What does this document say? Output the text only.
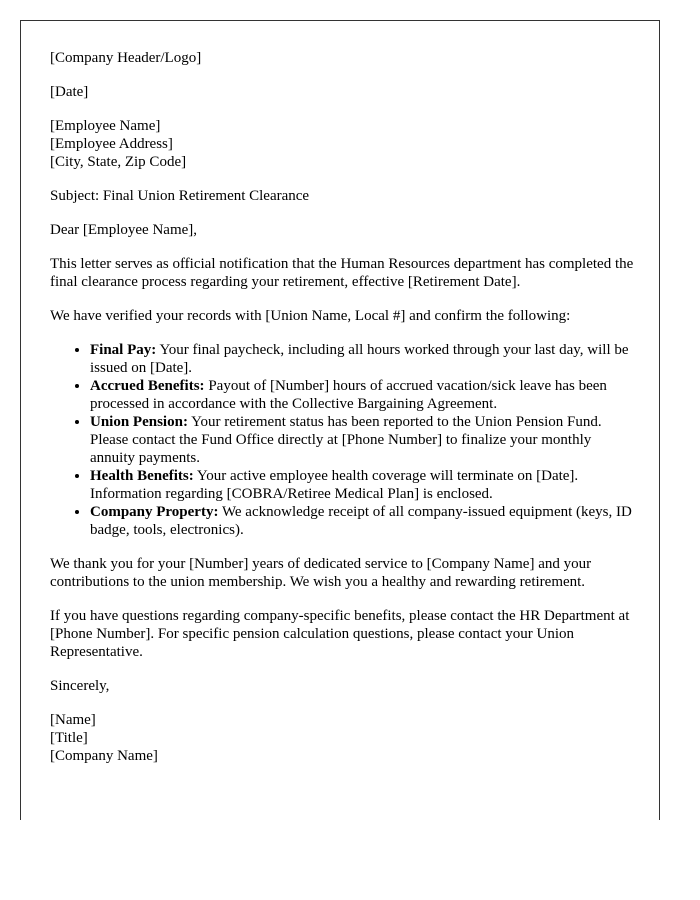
[Company Header/Logo]

[Date]

[Employee Name]
[Employee Address]
[City, State, Zip Code]

Subject: Final Union Retirement Clearance

Dear [Employee Name],

This letter serves as official notification that the Human Resources department has completed the final clearance process regarding your retirement, effective [Retirement Date].

We have verified your records with [Union Name, Local #] and confirm the following:

• Final Pay: Your final paycheck, including all hours worked through your last day, will be issued on [Date].
• Accrued Benefits: Payout of [Number] hours of accrued vacation/sick leave has been processed in accordance with the Collective Bargaining Agreement.
• Union Pension: Your retirement status has been reported to the Union Pension Fund. Please contact the Fund Office directly at [Phone Number] to finalize your monthly annuity payments.
• Health Benefits: Your active employee health coverage will terminate on [Date]. Information regarding [COBRA/Retiree Medical Plan] is enclosed.
• Company Property: We acknowledge receipt of all company-issued equipment (keys, ID badge, tools, electronics).

We thank you for your [Number] years of dedicated service to [Company Name] and your contributions to the union membership. We wish you a healthy and rewarding retirement.

If you have questions regarding company-specific benefits, please contact the HR Department at [Phone Number]. For specific pension calculation questions, please contact your Union Representative.

Sincerely,

[Name]
[Title]
[Company Name]
